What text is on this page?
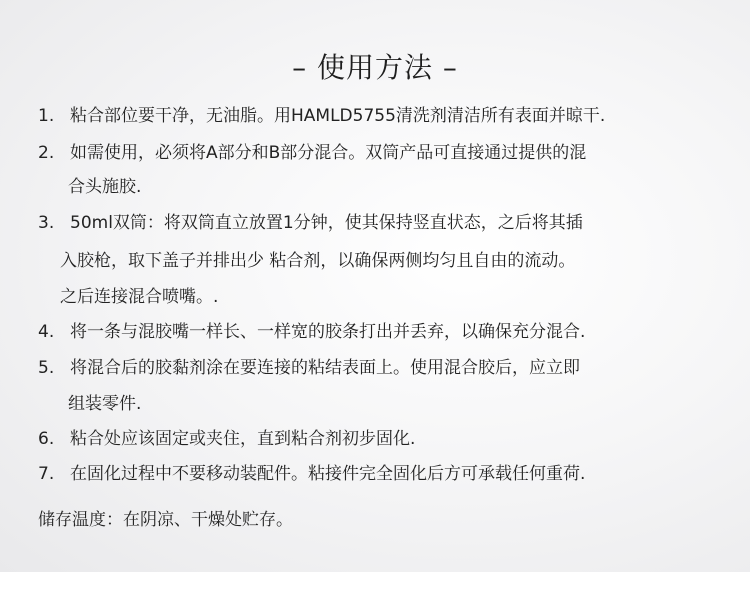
– 使用方法 –
1. 粘合部位要干净，无油脂。用HAMLD5755清洗剂清洁所有表面并晾干.
2. 如需使用，必须将A部分和B部分混合。双筒产品可直接通过提供的混
合头施胶.
3. 50ml双筒：将双筒直立放置1分钟，使其保持竖直状态，之后将其插
入胶枪，取下盖子并排出少 粘合剂，以确保两侧均匀且自由的流动。
之后连接混合喷嘴。.
4. 将一条与混胶嘴一样长、一样宽的胶条打出并丢弃，以确保充分混合.
5. 将混合后的胶黏剂涂在要连接的粘结表面上。使用混合胶后，应立即
组装零件.
6. 粘合处应该固定或夹住，直到粘合剂初步固化.
7. 在固化过程中不要移动装配件。粘接件完全固化后方可承载任何重荷.
储存温度：在阴凉、干燥处贮存。
